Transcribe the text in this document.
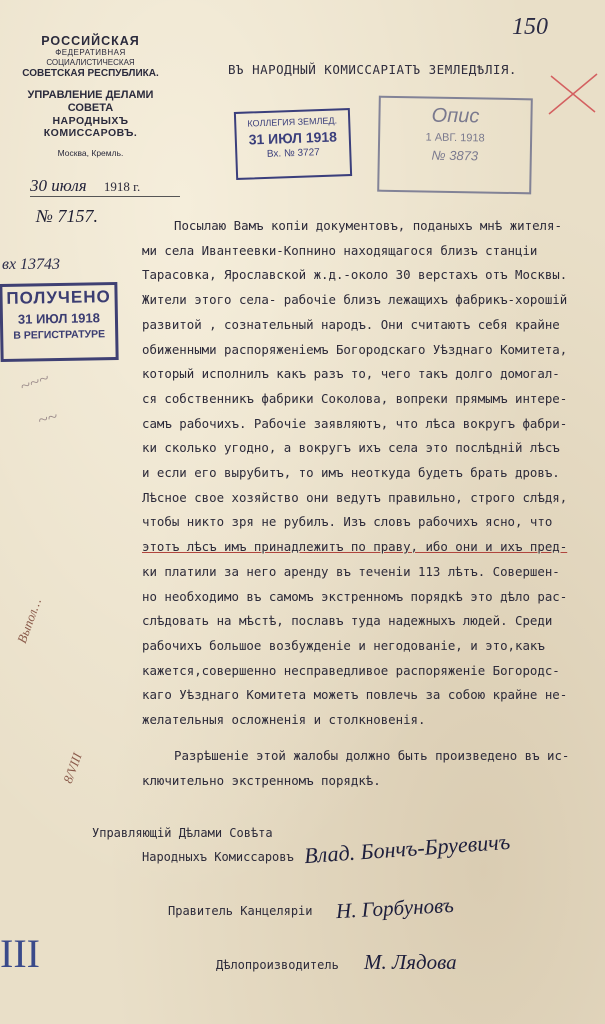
150
РОССИЙСКАЯ
ФЕДЕРАТИВНАЯ
СОЦИАЛИСТИЧЕСКАЯ
СОВЕТСКАЯ РЕСПУБЛИКА.
УПРАВЛЕНИЕ ДЕЛАМИ
СОВЕТА
НАРОДНЫХЪ КОМИССАРОВЪ.
Москва, Кремль.
30 июля 1918 г.
№ 7157.
ВЪ НАРОДНЫЙ КОМИССАРІАТЪ ЗЕМЛЕДѢЛІЯ.
КОЛЛЕГИЯ ЗЕМЛЕД.
31 ИЮЛ 1918
Вх. № 3727
Опис
1 АВГ. 1918
№ 3873
вх 13743
ПОЛУЧЕНО
31 ИЮЛ 1918
В РЕГИСТРАТУРЕ
~~~
~~
Посылаю Вамъ копіи документовъ, поданыхъ мнѣ жителя-
ми села Ивантеевки-Копнино находящагося близъ станціи
Тарасовка, Ярославской ж.д.-около 30 верстахъ отъ Москвы.
Жители этого села- рабочіе близъ лежащихъ фабрикъ-хорошій
развитой , сознательный народъ. Они считаютъ себя крайне
обиженными распоряженіемъ Богородскаго Уѣзднаго Комитета,
который исполнилъ какъ разъ то, чего такъ долго домогал-
ся собственникъ фабрики Соколова, вопреки прямымъ интере-
самъ рабочихъ. Рабочіе заявляютъ, что лѣса вокругъ фабри-
ки сколько угодно, а вокругъ ихъ села это послѣдній лѣсъ
и если его вырубитъ, то имъ неоткуда будетъ брать дровъ.
Лѣсное свое хозяйство они ведутъ правильно, строго слѣдя,
чтобы никто зря не рубилъ. Изъ словъ рабочихъ ясно, что
этотъ лѣсъ имъ принадлежитъ по праву, ибо они и ихъ пред-
ки платили за него аренду въ теченіи 113 лѣтъ. Совершен-
но необходимо въ самомъ экстренномъ порядкѣ это дѣло рас-
слѣдовать на мѣстѣ, пославъ туда надежныхъ людей. Среди
рабочихъ большое возбужденіе и негодованіе, и это,какъ
кажется,совершенно несправедливое распоряженіе Богородс-
каго Уѣзднаго Комитета можетъ повлечь за собою крайне не-
желательныя осложненія и столкновенія.
Разрѣшеніе этой жалобы должно быть произведено въ ис-
ключительно экстренномъ порядкѣ.
Выпол…
8/VIII
Управляющій Дѣлами Совѣта
Народныхъ Комиссаровъ Влад. Бончъ-Бруевичъ
Правитель Канцеляріи Н. Горбуновъ
Дѣлопроизводитель М. Лядова
III
